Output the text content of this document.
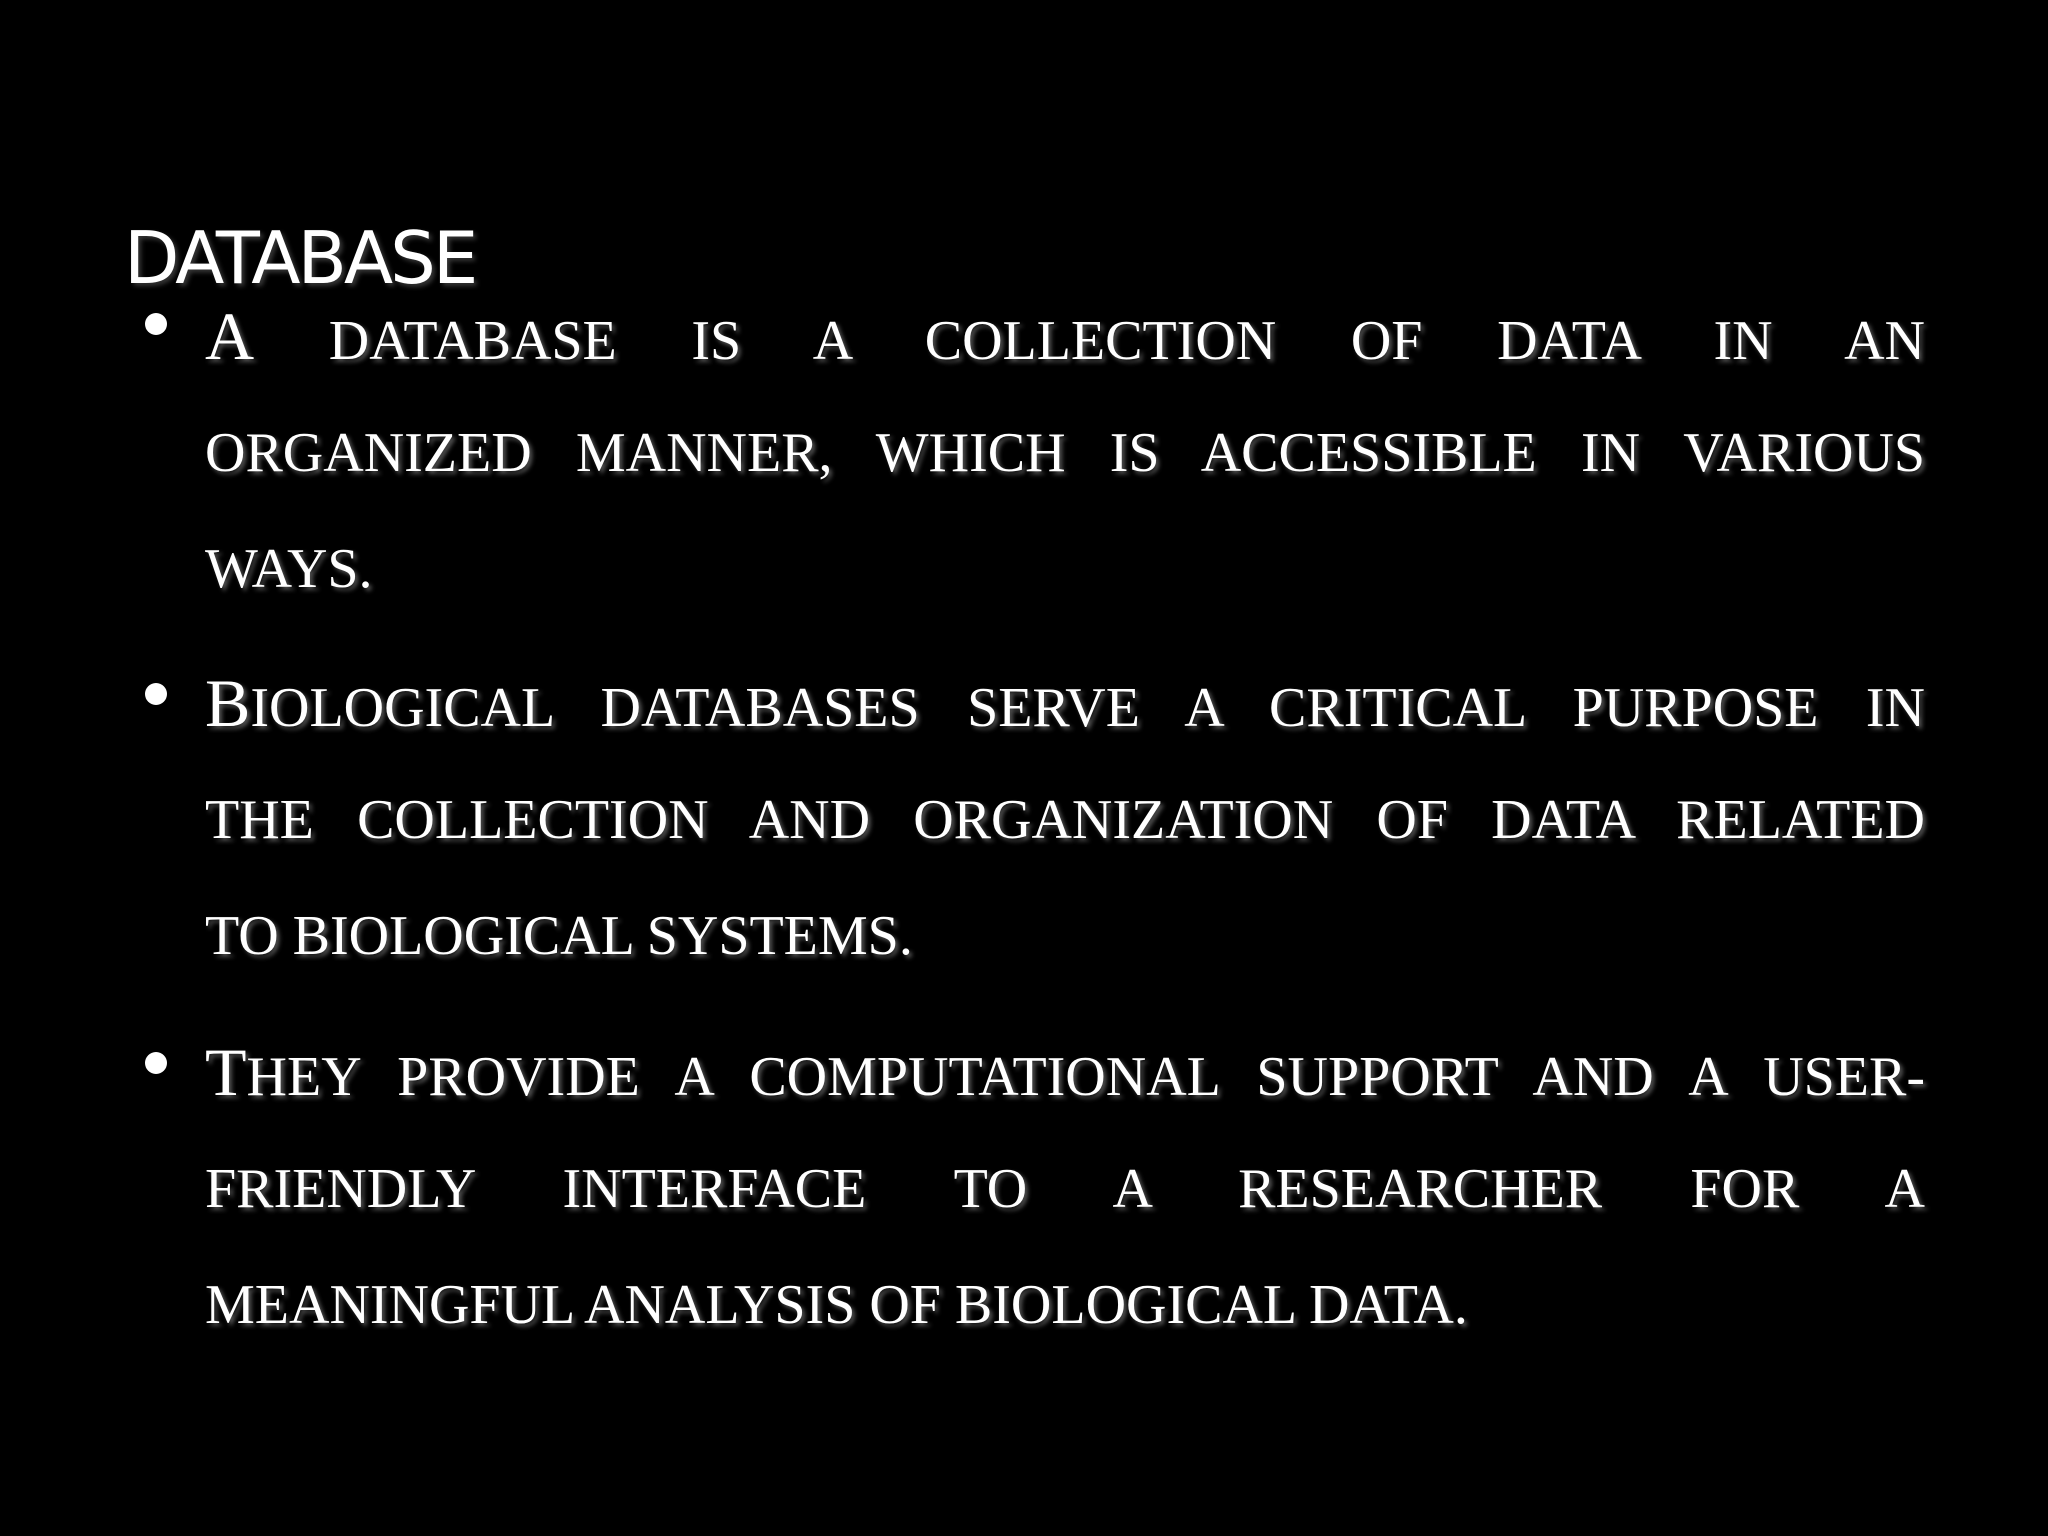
DATABASE
A DATABASE IS A COLLECTION OF DATA IN AN
ORGANIZED MANNER, WHICH IS ACCESSIBLE IN VARIOUS
WAYS.
BIOLOGICAL DATABASES SERVE A CRITICAL PURPOSE IN
THE COLLECTION AND ORGANIZATION OF DATA RELATED
TO BIOLOGICAL SYSTEMS.
THEY PROVIDE A COMPUTATIONAL SUPPORT AND A USER-
FRIENDLY INTERFACE TO A RESEARCHER FOR A
MEANINGFUL ANALYSIS OF BIOLOGICAL DATA.
